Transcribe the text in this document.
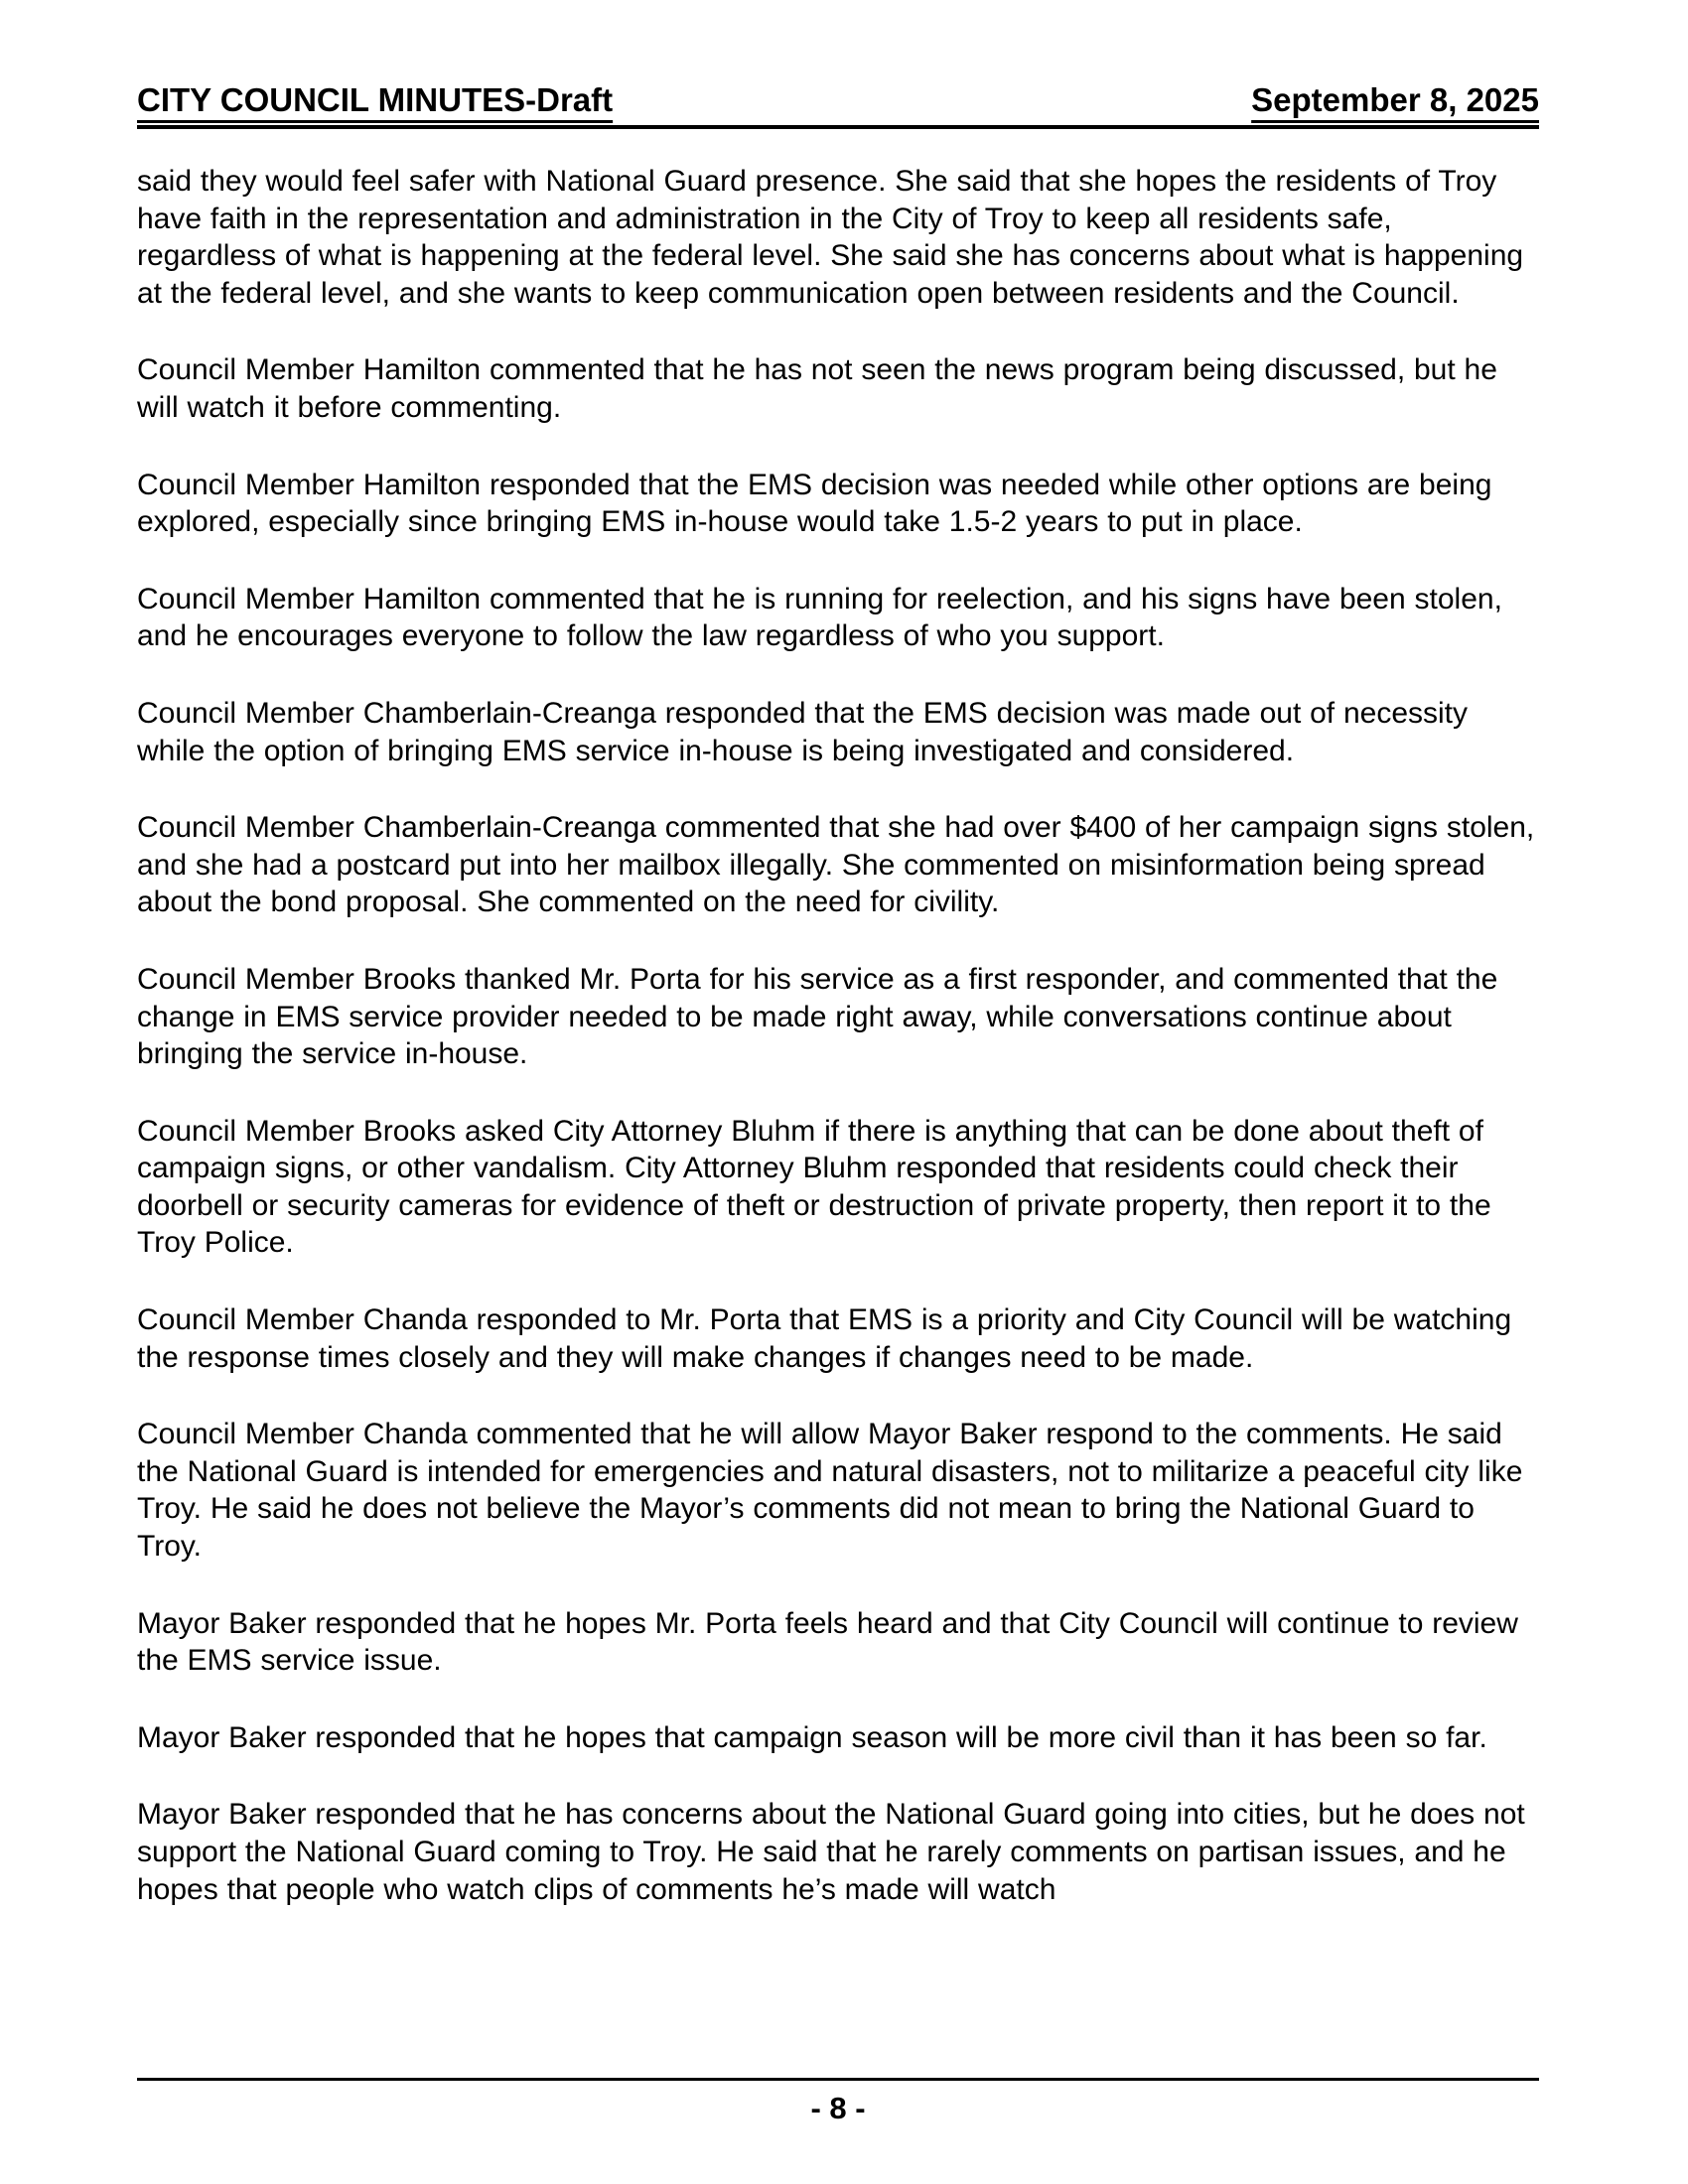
CITY COUNCIL MINUTES-Draft	September 8, 2025

said they would feel safer with National Guard presence. She said that she hopes the residents of Troy have faith in the representation and administration in the City of Troy to keep all residents safe, regardless of what is happening at the federal level. She said she has concerns about what is happening at the federal level, and she wants to keep communication open between residents and the Council.

Council Member Hamilton commented that he has not seen the news program being discussed, but he will watch it before commenting.

Council Member Hamilton responded that the EMS decision was needed while other options are being explored, especially since bringing EMS in-house would take 1.5-2 years to put in place.

Council Member Hamilton commented that he is running for reelection, and his signs have been stolen, and he encourages everyone to follow the law regardless of who you support.

Council Member Chamberlain-Creanga responded that the EMS decision was made out of necessity while the option of bringing EMS service in-house is being investigated and considered.

Council Member Chamberlain-Creanga commented that she had over $400 of her campaign signs stolen, and she had a postcard put into her mailbox illegally. She commented on misinformation being spread about the bond proposal. She commented on the need for civility.

Council Member Brooks thanked Mr. Porta for his service as a first responder, and commented that the change in EMS service provider needed to be made right away, while conversations continue about bringing the service in-house.

Council Member Brooks asked City Attorney Bluhm if there is anything that can be done about theft of campaign signs, or other vandalism. City Attorney Bluhm responded that residents could check their doorbell or security cameras for evidence of theft or destruction of private property, then report it to the Troy Police.

Council Member Chanda responded to Mr. Porta that EMS is a priority and City Council will be watching the response times closely and they will make changes if changes need to be made.

Council Member Chanda commented that he will allow Mayor Baker respond to the comments. He said the National Guard is intended for emergencies and natural disasters, not to militarize a peaceful city like Troy. He said he does not believe the Mayor’s comments did not mean to bring the National Guard to Troy.

Mayor Baker responded that he hopes Mr. Porta feels heard and that City Council will continue to review the EMS service issue.

Mayor Baker responded that he hopes that campaign season will be more civil than it has been so far.

Mayor Baker responded that he has concerns about the National Guard going into cities, but he does not support the National Guard coming to Troy. He said that he rarely comments on partisan issues, and he hopes that people who watch clips of comments he’s made will watch

- 8 -
